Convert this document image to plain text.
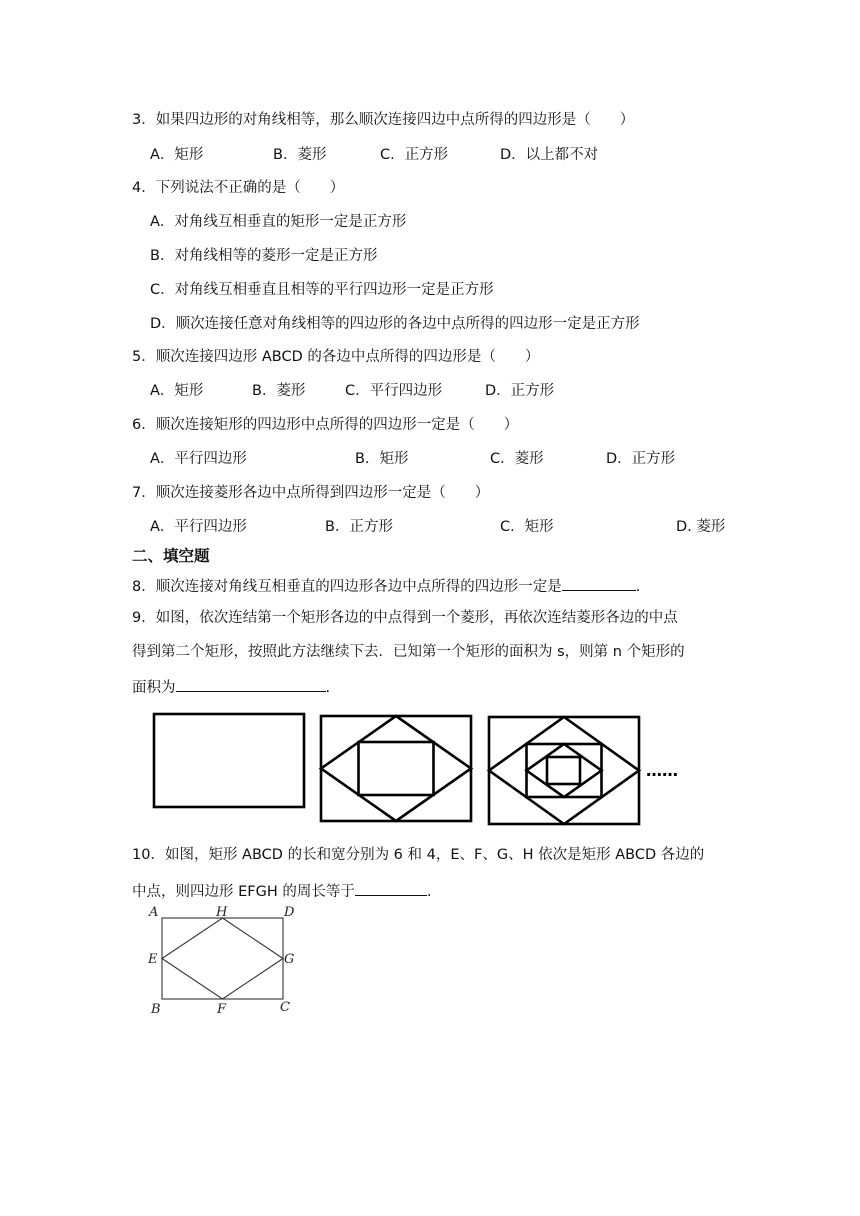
3．如果四边形的对角线相等，那么顺次连接四边中点所得的四边形是（　　）
A．矩形	B．菱形	C．正方形	D．以上都不对
4．下列说法不正确的是（　　）
A．对角线互相垂直的矩形一定是正方形
B．对角线相等的菱形一定是正方形
C．对角线互相垂直且相等的平行四边形一定是正方形
D．顺次连接任意对角线相等的四边形的各边中点所得的四边形一定是正方形
5．顺次连接四边形 ABCD 的各边中点所得的四边形是（　　）
A．矩形	B．菱形	C．平行四边形	D．正方形
6．顺次连接矩形的四边形中点所得的四边形一定是（　　）
A．平行四边形	B．矩形	C．菱形	D．正方形
7．顺次连接菱形各边中点所得到四边形一定是（　　）
A．平行四边形	B．正方形	C．矩形	D. 菱形
二、填空题
8．顺次连接对角线互相垂直的四边形各边中点所得的四边形一定是	.
9．如图，依次连结第一个矩形各边的中点得到一个菱形，再依次连结菱形各边的中点
得到第二个矩形，按照此方法继续下去．已知第一个矩形的面积为 s，则第 n 个矩形的
面积为	.
……
10．如图，矩形 ABCD 的长和宽分别为 6 和 4，E、F、G、H 依次是矩形 ABCD 各边的
中点，则四边形 EFGH 的周长等于	.
A	H	D
E	G
B	F	C
